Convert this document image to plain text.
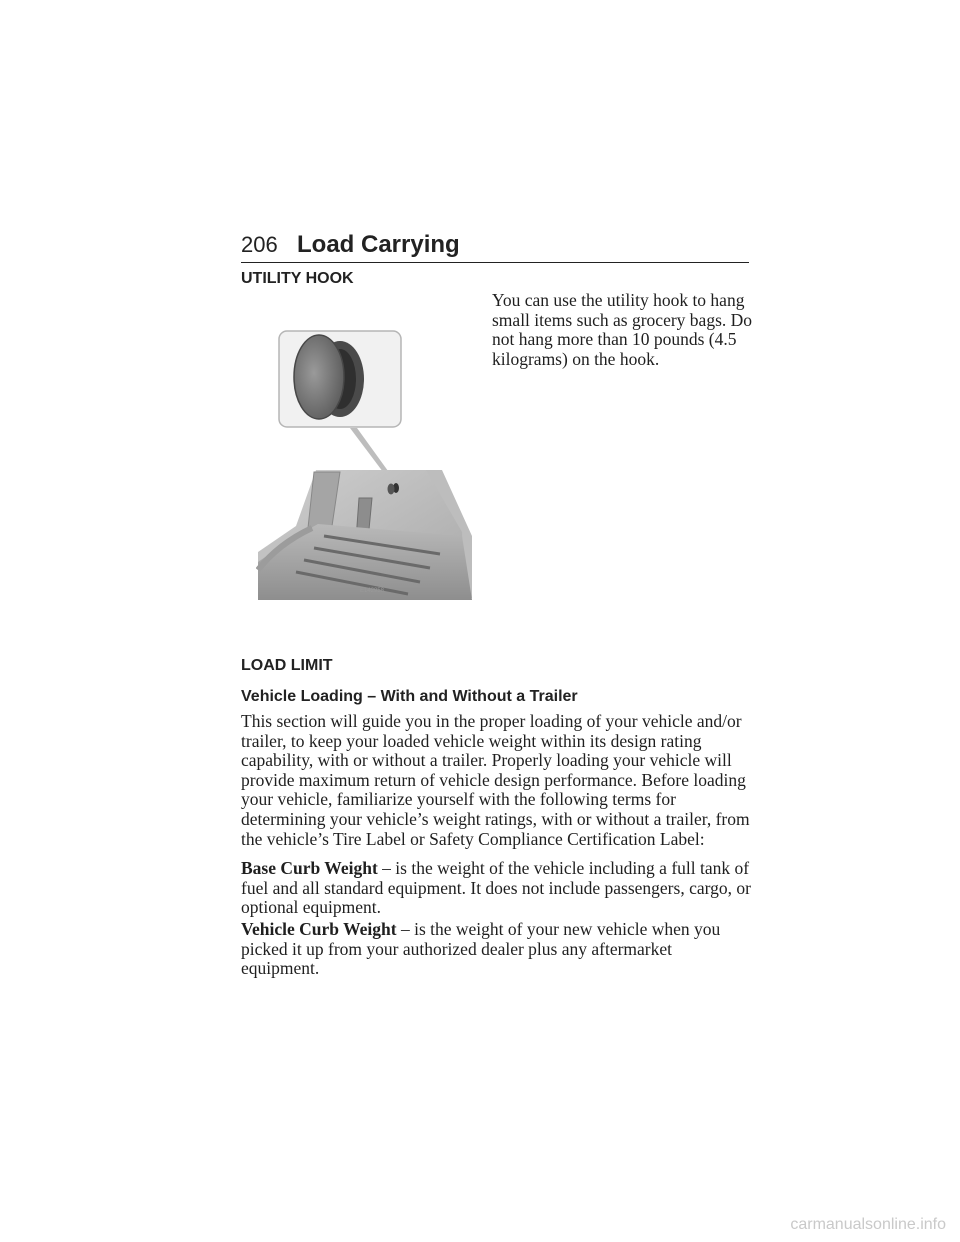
206 Load Carrying
UTILITY HOOK
You can use the utility hook to hang small items such as grocery bags. Do not hang more than 10 pounds (4.5 kilograms) on the hook.
E142958
LOAD LIMIT
Vehicle Loading – With and Without a Trailer
This section will guide you in the proper loading of your vehicle and/or trailer, to keep your loaded vehicle weight within its design rating capability, with or without a trailer. Properly loading your vehicle will provide maximum return of vehicle design performance. Before loading your vehicle, familiarize yourself with the following terms for determining your vehicle’s weight ratings, with or without a trailer, from the vehicle’s Tire Label or Safety Compliance Certification Label:
Base Curb Weight – is the weight of the vehicle including a full tank of fuel and all standard equipment. It does not include passengers, cargo, or optional equipment.
Vehicle Curb Weight – is the weight of your new vehicle when you picked it up from your authorized dealer plus any aftermarket equipment.
carmanualsonline.info
